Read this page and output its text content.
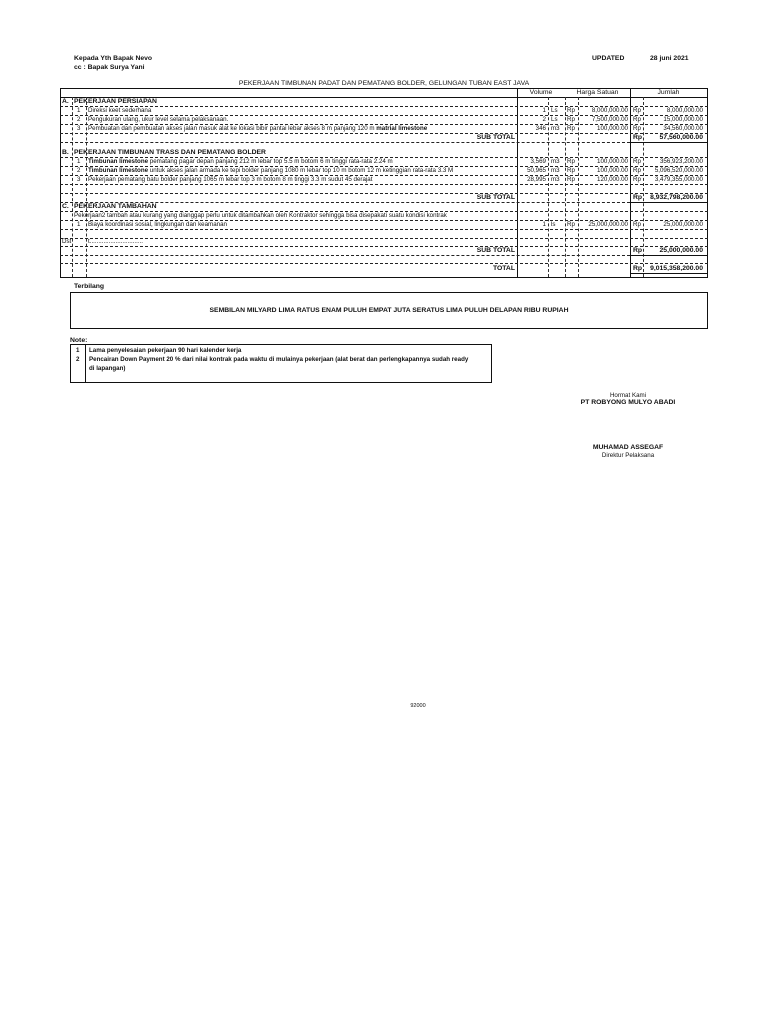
Kepada Yth Bapak Nevo
cc : Bapak Surya Yani
UPDATED	28 juni 2021
PEKERJAAN TIMBUNAN PADAT DAN PEMATANG BOLDER, GELUNGAN TUBAN EAST JAVA
Volume	Harga Satuan	Jumlah
A. PEKERJAAN PERSIAPAN
1 Direksi keet sederhana	1 Ls Rp	8,000,000.00 Rp	8,000,000.00
2 Pengukuran ulang, ukur level selama pelaksanaan.	2 Ls Rp	7,500,000.00 Rp	15,000,000.00
3 Pembuatan dan pembuatan akses jalan masuk alat ke lokasi bibir pantai lebar akses 8 m panjang 120 m matrial limestone	346 m3 Rp	100,000.00 Rp	34,560,000.00
SUB TOTAL	Rp	57,560,000.00
B. PEKERJAAN TIMBUNAN TRASS DAN PEMATANG BOLDER
1 Timbunan limestone pematang pagar depan panjang 212 m lebar top 5.5 m botom 6 m tinggi rata-rata 2.24 m	3,569 m3 Rp	100,000.00 Rp	356,923,200.00
2 Timbunan limestone untuk akses jalan armada ke tepi bolder panjang 1080 m lebar top 10 m botom 12 m ketinggian rata-rata 3.3 M	50,965 m3 Rp	100,000.00 Rp	5,096,520,000.00
3 Pekerjaan pematang batu bolder panjang 1065 m lebar top 3 m botom 8 m tinggi 3.3 m sudut 45 derajat	28,995 m3 Rp	120,000.00 Rp	3,479,355,000.00
SUB TOTAL	Rp	8,932,798,200.00
C. PEKERJAAN TAMBAHAN
Pekerjaan2 tambah atau kurang yang dianggap perlu untuk ditambahkan oleh Kontraktor sehingga bisa disepakati suatu kondisi kontrak
1 Biaya koordinasi sosial, lingkungan dan keamanan	1 ls Rp	25,000,000.00 Rp	25,000,000.00
Dst	t...............................
SUB TOTAL	Rp	25,000,000.00
TOTAL	Rp	9,015,358,200.00
Terbilang
SEMBILAN MILYARD LIMA RATUS ENAM PULUH EMPAT JUTA SERATUS LIMA PULUH DELAPAN RIBU RUPIAH
Note:
1 Lama penyelesaian pekerjaan 90 hari kalender kerja
2 Pencairan Down Payment 20 % dari nilai kontrak pada waktu di mulainya pekerjaan (alat berat dan perlengkapannya sudah ready
di lapangan)
Hormat Kami
PT ROBYONG MULYO ABADI
MUHAMAD ASSEGAF
Direktur Pelaksana
92000
